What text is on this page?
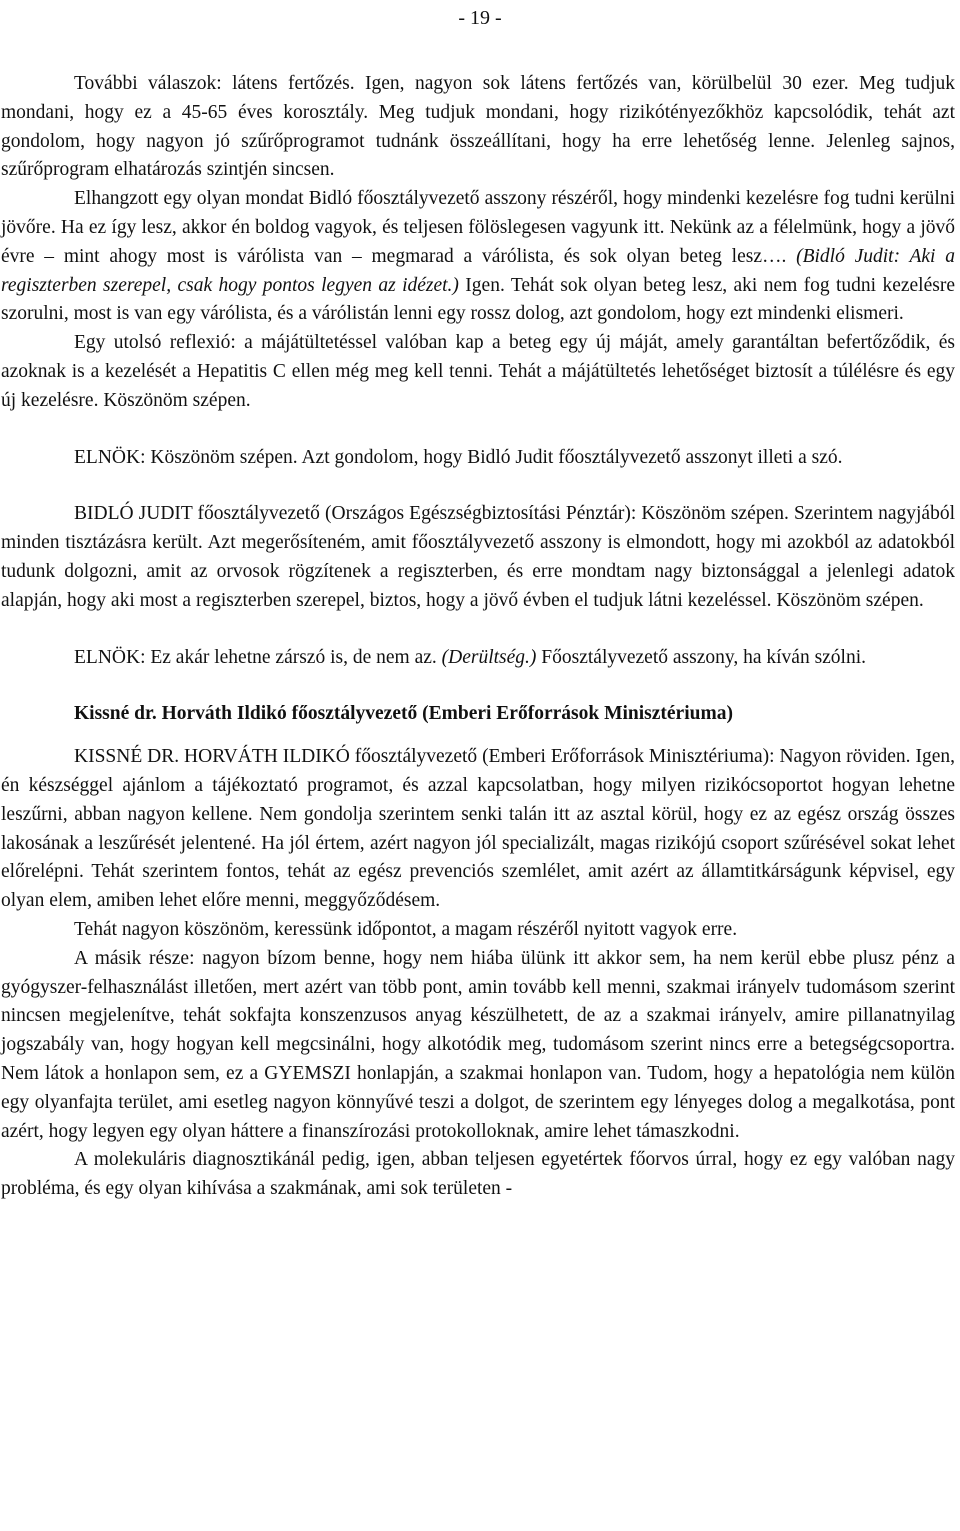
- 19 -

További válaszok: látens fertőzés. Igen, nagyon sok látens fertőzés van, körülbelül 30 ezer. Meg tudjuk mondani, hogy ez a 45-65 éves korosztály. Meg tudjuk mondani, hogy rizikótényezőkhöz kapcsolódik, tehát azt gondolom, hogy nagyon jó szűrőprogramot tudnánk összeállítani, hogy ha erre lehetőség lenne. Jelenleg sajnos, szűrőprogram elhatározás szintjén sincsen.

Elhangzott egy olyan mondat Bidló főosztályvezető asszony részéről, hogy mindenki kezelésre fog tudni kerülni jövőre. Ha ez így lesz, akkor én boldog vagyok, és teljesen fölöslegesen vagyunk itt. Nekünk az a félelmünk, hogy a jövő évre – mint ahogy most is várólista van – megmarad a várólista, és sok olyan beteg lesz…. (Bidló Judit: Aki a regiszterben szerepel, csak hogy pontos legyen az idézet.) Igen. Tehát sok olyan beteg lesz, aki nem fog tudni kezelésre szorulni, most is van egy várólista, és a várólistán lenni egy rossz dolog, azt gondolom, hogy ezt mindenki elismeri.

Egy utolsó reflexió: a májátültetéssel valóban kap a beteg egy új máját, amely garantáltan befertőződik, és azoknak is a kezelését a Hepatitis C ellen még meg kell tenni. Tehát a májátültetés lehetőséget biztosít a túlélésre és egy új kezelésre. Köszönöm szépen.

ELNÖK: Köszönöm szépen. Azt gondolom, hogy Bidló Judit főosztályvezető asszonyt illeti a szó.

BIDLÓ JUDIT főosztályvezető (Országos Egészségbiztosítási Pénztár): Köszönöm szépen. Szerintem nagyjából minden tisztázásra került. Azt megerősíteném, amit főosztályvezető asszony is elmondott, hogy mi azokból az adatokból tudunk dolgozni, amit az orvosok rögzítenek a regiszterben, és erre mondtam nagy biztonsággal a jelenlegi adatok alapján, hogy aki most a regiszterben szerepel, biztos, hogy a jövő évben el tudjuk látni kezeléssel. Köszönöm szépen.

ELNÖK: Ez akár lehetne zárszó is, de nem az. (Derültség.) Főosztályvezető asszony, ha kíván szólni.

Kissné dr. Horváth Ildikó főosztályvezető (Emberi Erőforrások Minisztériuma)

KISSNÉ DR. HORVÁTH ILDIKÓ főosztályvezető (Emberi Erőforrások Minisztériuma): Nagyon röviden. Igen, én készséggel ajánlom a tájékoztató programot, és azzal kapcsolatban, hogy milyen rizikócsoportot hogyan lehetne leszűrni, abban nagyon kellene. Nem gondolja szerintem senki talán itt az asztal körül, hogy ez az egész ország összes lakosának a leszűrését jelentené. Ha jól értem, azért nagyon jól specializált, magas rizikójú csoport szűrésével sokat lehet előrelépni. Tehát szerintem fontos, tehát az egész prevenciós szemlélet, amit azért az államtitkárságunk képvisel, egy olyan elem, amiben lehet előre menni, meggyőződésem.

Tehát nagyon köszönöm, keressünk időpontot, a magam részéről nyitott vagyok erre.

A másik része: nagyon bízom benne, hogy nem hiába ülünk itt akkor sem, ha nem kerül ebbe plusz pénz a gyógyszer-felhasználást illetően, mert azért van több pont, amin tovább kell menni, szakmai irányelv tudomásom szerint nincsen megjelenítve, tehát sokfajta konszenzusos anyag készülhetett, de az a szakmai irányelv, amire pillanatnyilag jogszabály van, hogy hogyan kell megcsinálni, hogy alkotódik meg, tudomásom szerint nincs erre a betegségcsoportra. Nem látok a honlapon sem, ez a GYEMSZI honlapján, a szakmai honlapon van. Tudom, hogy a hepatológia nem külön egy olyanfajta terület, ami esetleg nagyon könnyűvé teszi a dolgot, de szerintem egy lényeges dolog a megalkotása, pont azért, hogy legyen egy olyan háttere a finanszírozási protokolloknak, amire lehet támaszkodni.

A molekuláris diagnosztikánál pedig, igen, abban teljesen egyetértek főorvos úrral, hogy ez egy valóban nagy probléma, és egy olyan kihívása a szakmának, ami sok területen -
